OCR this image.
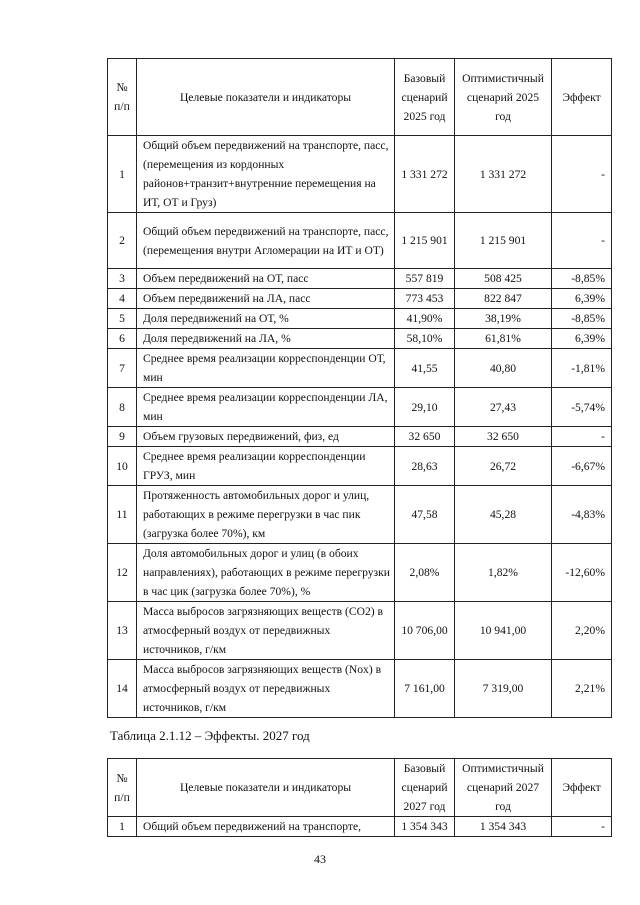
№ п/п	Целевые показатели и индикаторы	Базовый сценарий 2025 год	Оптимистичный сценарий 2025 год	Эффект
1	Общий объем передвижений на транспорте, пасс, (перемещения из кордонных районов+транзит+внутренние перемещения на ИТ, ОТ и Груз)	1 331 272	1 331 272	-
2	Общий объем передвижений на транспорте, пасс, (перемещения внутри Агломерации на ИТ и ОТ)	1 215 901	1 215 901	-
3	Объем передвижений на ОТ, пасс	557 819	508 425	-8,85%
4	Объем передвижений на ЛА, пасс	773 453	822 847	6,39%
5	Доля передвижений на ОТ, %	41,90%	38,19%	-8,85%
6	Доля передвижений на ЛА, %	58,10%	61,81%	6,39%
7	Среднее время реализации корреспонденции ОТ, мин	41,55	40,80	-1,81%
8	Среднее время реализации корреспонденции ЛА, мин	29,10	27,43	-5,74%
9	Объем грузовых передвижений, физ, ед	32 650	32 650	-
10	Среднее время реализации корреспонденции ГРУЗ, мин	28,63	26,72	-6,67%
11	Протяженность автомобильных дорог и улиц, работающих в режиме перегрузки в час пик (загрузка более 70%), км	47,58	45,28	-4,83%
12	Доля автомобильных дорог и улиц (в обоих направлениях), работающих в режиме перегрузки в час цик (загрузка более 70%), %	2,08%	1,82%	-12,60%
13	Масса выбросов загрязняющих веществ (СО2) в атмосферный воздух от передвижных источников, г/км	10 706,00	10 941,00	2,20%
14	Масса выбросов загрязняющих веществ (Nox) в атмосферный воздух от передвижных источников, г/км	7 161,00	7 319,00	2,21%
Таблица 2.1.12 – Эффекты. 2027 год
№ п/п	Целевые показатели и индикаторы	Базовый сценарий 2027 год	Оптимистичный сценарий 2027 год	Эффект
1	Общий объем передвижений на транспорте,	1 354 343	1 354 343	-
43
